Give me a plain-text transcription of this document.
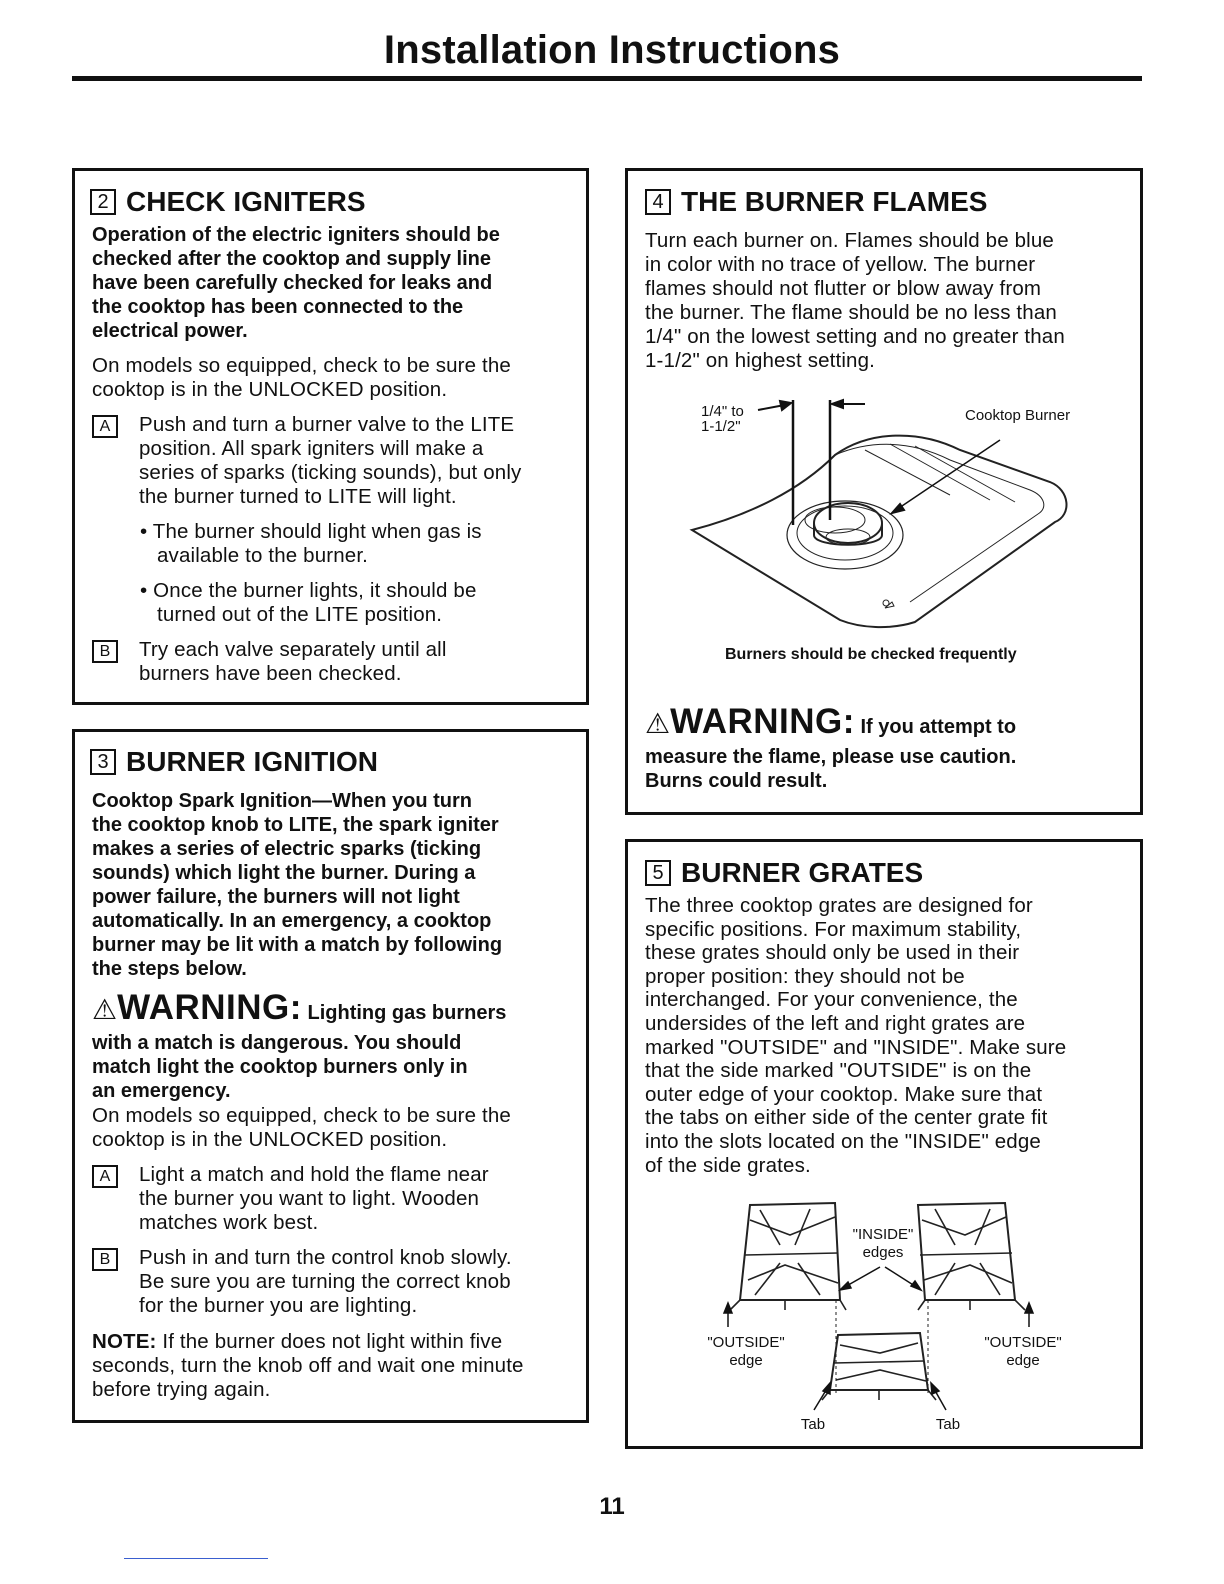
Installation Instructions
2 CHECK IGNITERS
Operation of the electric igniters should be
checked after the cooktop and supply line
have been carefully checked for leaks and
the cooktop has been connected to the
electrical power.
On models so equipped, check to be sure the
cooktop is in the UNLOCKED position.
A	Push and turn a burner valve to the LITE
position. All spark igniters will make a
series of sparks (ticking sounds), but only
the burner turned to LITE will light.
• The burner should light when gas is
available to the burner.
• Once the burner lights, it should be
turned out of the LITE position.
B	Try each valve separately until all
burners have been checked.
3 BURNER IGNITION
Cooktop Spark Ignition—When you turn
the cooktop knob to LITE, the spark igniter
makes a series of electric sparks (ticking
sounds) which light the burner. During a
power failure, the burners will not light
automatically. In an emergency, a cooktop
burner may be lit with a match by following
the steps below.
⚠WARNING: Lighting gas burners
with a match is dangerous. You should
match light the cooktop burners only in
an emergency.
On models so equipped, check to be sure the
cooktop is in the UNLOCKED position.
A	Light a match and hold the flame near
the burner you want to light. Wooden
matches work best.
B	Push in and turn the control knob slowly.
Be sure you are turning the correct knob
for the burner you are lighting.
NOTE: If the burner does not light within five
seconds, turn the knob off and wait one minute
before trying again.
4 THE BURNER FLAMES
Turn each burner on. Flames should be blue
in color with no trace of yellow. The burner
flames should not flutter or blow away from
the burner. The flame should be no less than
1/4" on the lowest setting and no greater than
1-1/2" on highest setting.
1/4" to
1-1/2"
Cooktop Burner
Burners should be checked frequently
⚠WARNING: If you attempt to
measure the flame, please use caution.
Burns could result.
5 BURNER GRATES
The three cooktop grates are designed for
specific positions. For maximum stability,
these grates should only be used in their
proper position: they should not be
interchanged. For your convenience, the
undersides of the left and right grates are
marked "OUTSIDE" and "INSIDE". Make sure
that the side marked "OUTSIDE" is on the
outer edge of your cooktop. Make sure that
the tabs on either side of the center grate fit
into the slots located on the "INSIDE" edge
of the side grates.
"INSIDE"
edges
"OUTSIDE"
edge
"OUTSIDE"
edge
Tab	Tab
11
